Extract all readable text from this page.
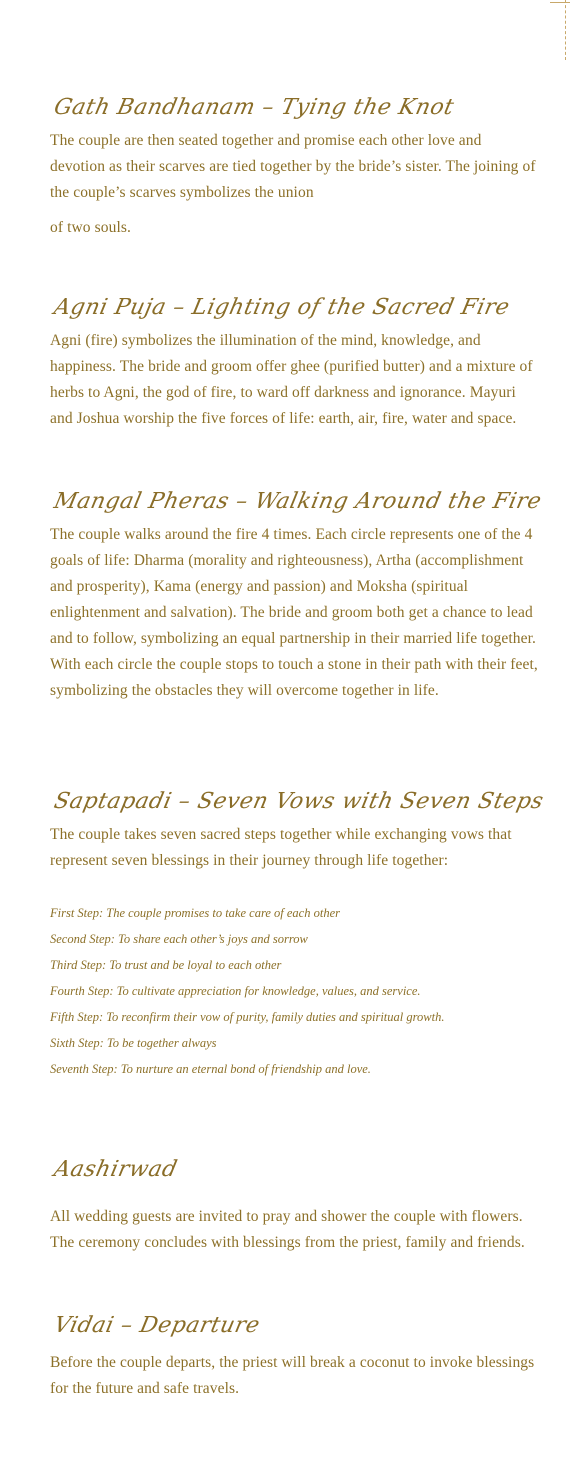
Gath Bandhanam – Tying the Knot

The couple are then seated together and promise each other love and devotion as their scarves are tied together by the bride’s sister. The joining of the couple’s scarves symbolizes the union
of two souls.

Agni Puja – Lighting of the Sacred Fire

Agni (fire) symbolizes the illumination of the mind, knowledge, and happiness. The bride and groom offer ghee (purified butter) and a mixture of herbs to Agni, the god of fire, to ward off darkness and ignorance. Mayuri and Joshua worship the five forces of life: earth, air, fire, water and space.

Mangal Pheras – Walking Around the Fire

The couple walks around the fire 4 times. Each circle represents one of the 4 goals of life: Dharma (morality and righteousness), Artha (accomplishment and prosperity), Kama (energy and passion) and Moksha (spiritual enlightenment and salvation). The bride and groom both get a chance to lead and to follow, symbolizing an equal partnership in their married life together. With each circle the couple stops to touch a stone in their path with their feet, symbolizing the obstacles they will overcome together in life.

Saptapadi – Seven Vows with Seven Steps

The couple takes seven sacred steps together while exchanging vows that represent seven blessings in their journey through life together:

First Step: The couple promises to take care of each other
Second Step: To share each other’s joys and sorrow
Third Step: To trust and be loyal to each other
Fourth Step: To cultivate appreciation for knowledge, values, and service.
Fifth Step: To reconfirm their vow of purity, family duties and spiritual growth.
Sixth Step: To be together always
Seventh Step: To nurture an eternal bond of friendship and love.
Aashirwad

All wedding guests are invited to pray and shower the couple with flowers. The ceremony concludes with blessings from the priest, family and friends.

Vidai – Departure

Before the couple departs, the priest will break a coconut to invoke blessings for the future and safe travels.
